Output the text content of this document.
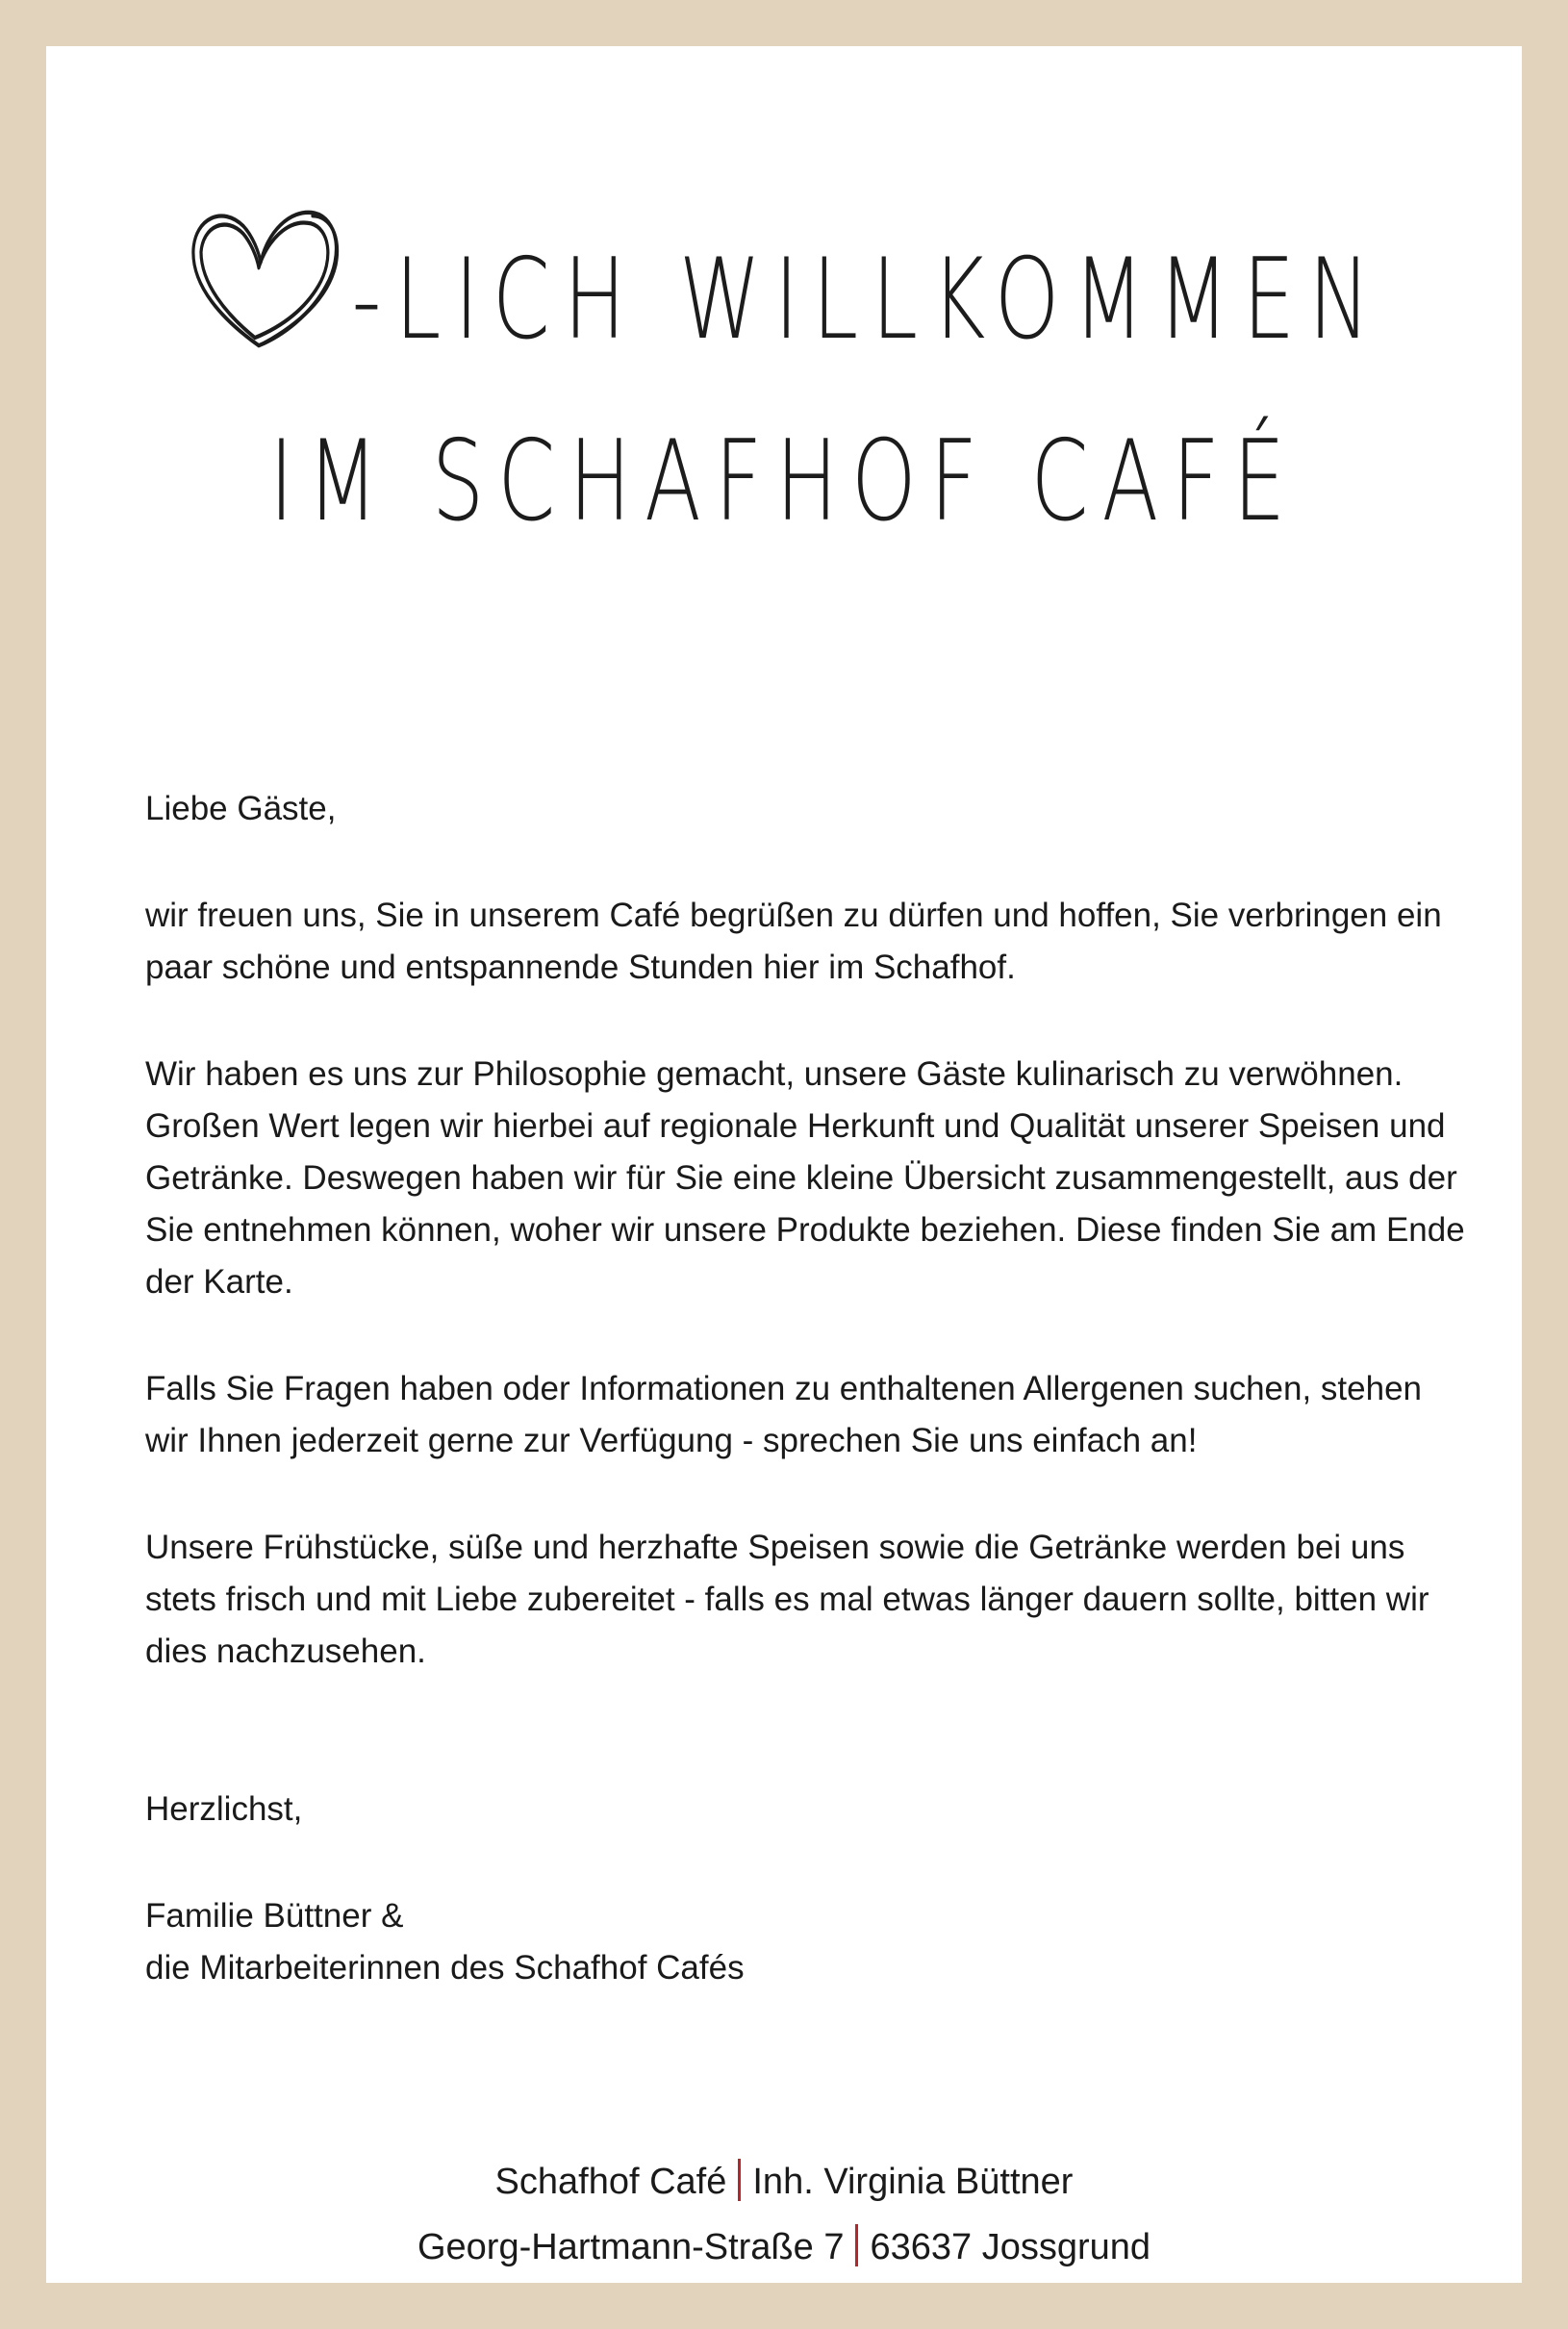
-LICH WILLKOMMEN
IM SCHAFHOF CAFÉ

Liebe Gäste,

wir freuen uns, Sie in unserem Café begrüßen zu dürfen und hoffen, Sie verbringen ein paar schöne und entspannende Stunden hier im Schafhof.

Wir haben es uns zur Philosophie gemacht, unsere Gäste kulinarisch zu verwöhnen. Großen Wert legen wir hierbei auf regionale Herkunft und Qualität unserer Speisen und Getränke. Deswegen haben wir für Sie eine kleine Übersicht zusammengestellt, aus der Sie entnehmen können, woher wir unsere Produkte beziehen. Diese finden Sie am Ende der Karte.

Falls Sie Fragen haben oder Informationen zu enthaltenen Allergenen suchen, stehen wir Ihnen jederzeit gerne zur Verfügung - sprechen Sie uns einfach an!

Unsere Frühstücke, süße und herzhafte Speisen sowie die Getränke werden bei uns stets frisch und mit Liebe zubereitet - falls es mal etwas länger dauern sollte, bitten wir dies nachzusehen.

Herzlichst,

Familie Büttner &

die Mitarbeiterinnen des Schafhof Cafés

Schafhof Café Inh. Virginia Büttner
Georg-Hartmann-Straße 7 63637 Jossgrund
